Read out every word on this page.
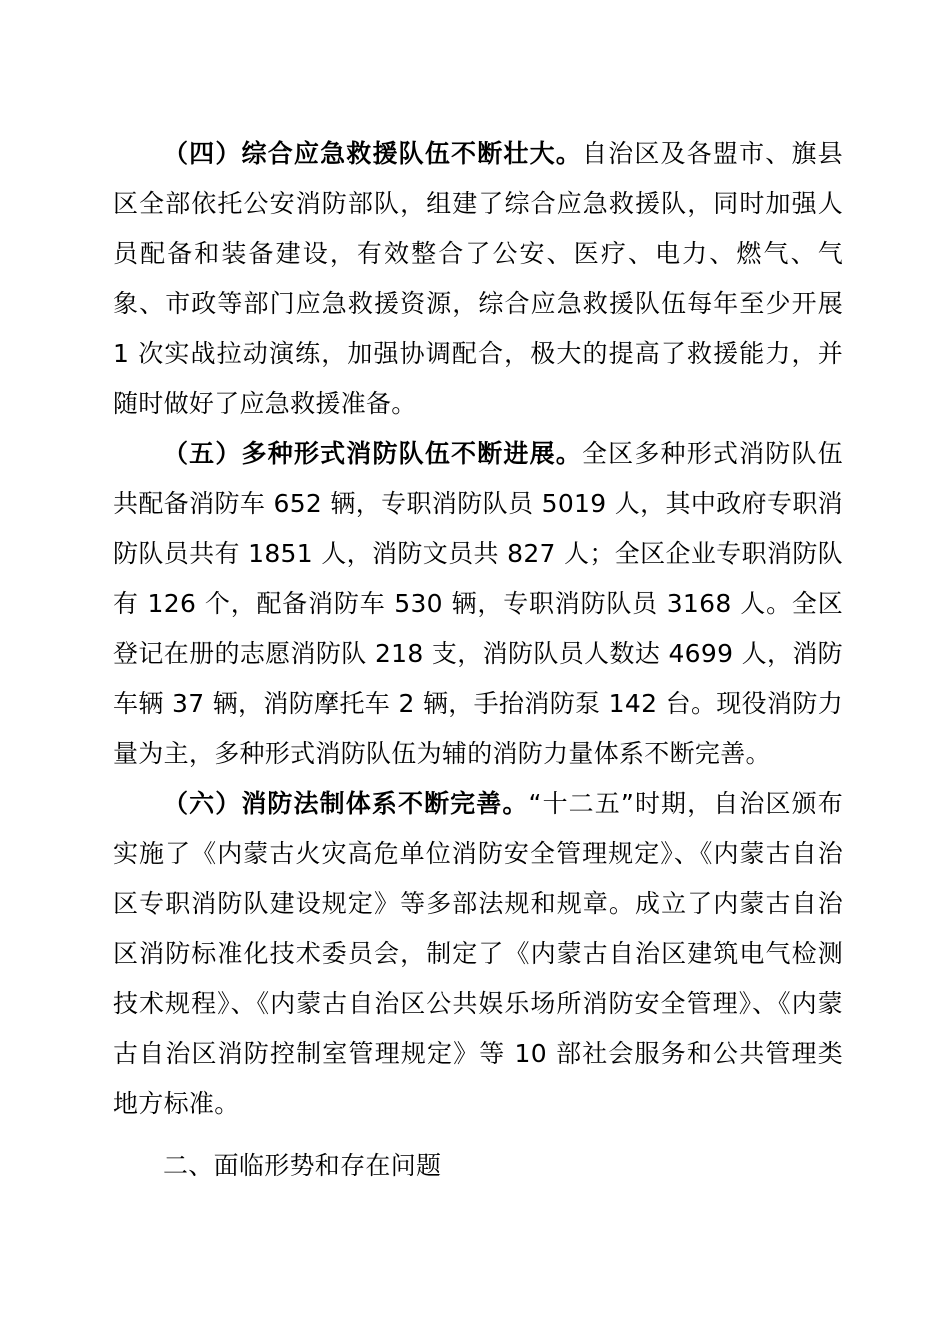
（四）综合应急救援队伍不断壮大。自治区及各盟市、旗县区全部依托公安消防部队，组建了综合应急救援队，同时加强人员配备和装备建设，有效整合了公安、医疗、电力、燃气、气象、市政等部门应急救援资源，综合应急救援队伍每年至少开展 1 次实战拉动演练，加强协调配合，极大的提高了救援能力，并随时做好了应急救援准备。

（五）多种形式消防队伍不断进展。全区多种形式消防队伍共配备消防车 652 辆，专职消防队员 5019 人，其中政府专职消防队员共有 1851 人，消防文员共 827 人；全区企业专职消防队有 126 个，配备消防车 530 辆，专职消防队员 3168 人。全区登记在册的志愿消防队 218 支，消防队员人数达 4699 人，消防车辆 37 辆，消防摩托车 2 辆，手抬消防泵 142 台。现役消防力量为主，多种形式消防队伍为辅的消防力量体系不断完善。

（六）消防法制体系不断完善。“十二五”时期，自治区颁布实施了《内蒙古火灾高危单位消防安全管理规定》、《内蒙古自治区专职消防队建设规定》等多部法规和规章。成立了内蒙古自治区消防标准化技术委员会，制定了《内蒙古自治区建筑电气检测技术规程》、《内蒙古自治区公共娱乐场所消防安全管理》、《内蒙古自治区消防控制室管理规定》等 10 部社会服务和公共管理类地方标准。

二、面临形势和存在问题
